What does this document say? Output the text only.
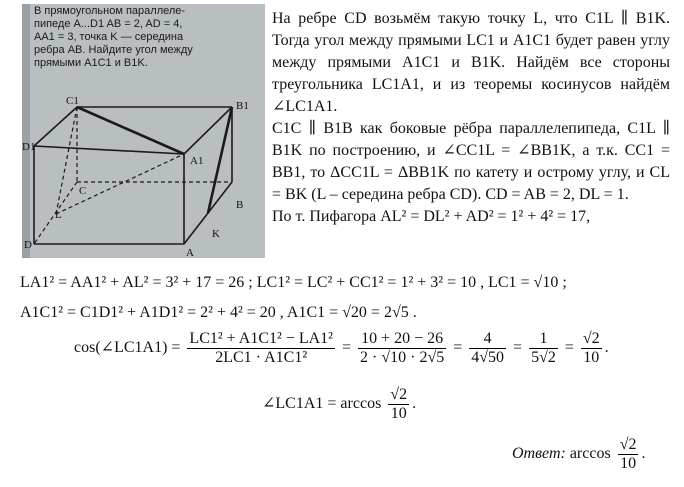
В прямоугольном параллеле-
пипеде A...D1 AB = 2, AD = 4,
AA1 = 3, точка K — середина
ребра AB. Найдите угол между
прямыми A1C1 и B1K.
C1	B1
D1
A1
C
B
D
A
K
L
На ребре CD возьмём такую точку L, что C1L ∥ B1K. Тогда угол между прямыми LC1 и A1C1 будет равен углу между прямыми A1C1 и B1K. Найдём все стороны треугольника LC1A1, и из теоремы косинусов найдём ∠LC1A1.
C1C ∥ B1B как боковые рёбра параллелепипеда, C1L ∥ B1K по построению, и ∠CC1L = ∠BB1K, а т.к. CC1 = BB1, то ΔCC1L = ΔBB1K по катету и острому углу, и CL = BK (L – середина ребра CD). CD = AB = 2, DL = 1.
По т. Пифагора AL² = DL² + AD² = 1² + 4² = 17,
LA1² = AA1² + AL² = 3² + 17 = 26 ; LC1² = LC² + CC1² = 1² + 3² = 10 , LC1 = √10 ;
A1C1² = C1D1² + A1D1² = 2² + 4² = 20 , A1C1 = √20 = 2√5 .
cos(∠LC1A1) = $\frac{\text{LC1² + A1C1² − LA1²}}{\text{2LC1 · A1C1²}} = \frac{10 + 20 - 26}{2 \cdot √10 \cdot 2√5} = \frac{4}{4√50} = \frac{1}{5√2} = \frac{√2}{10}$ .
∠LC1A1 = $\arccos \frac{√2}{10}$ .
Ответ: $\arccos \frac{√2}{10}$ .
